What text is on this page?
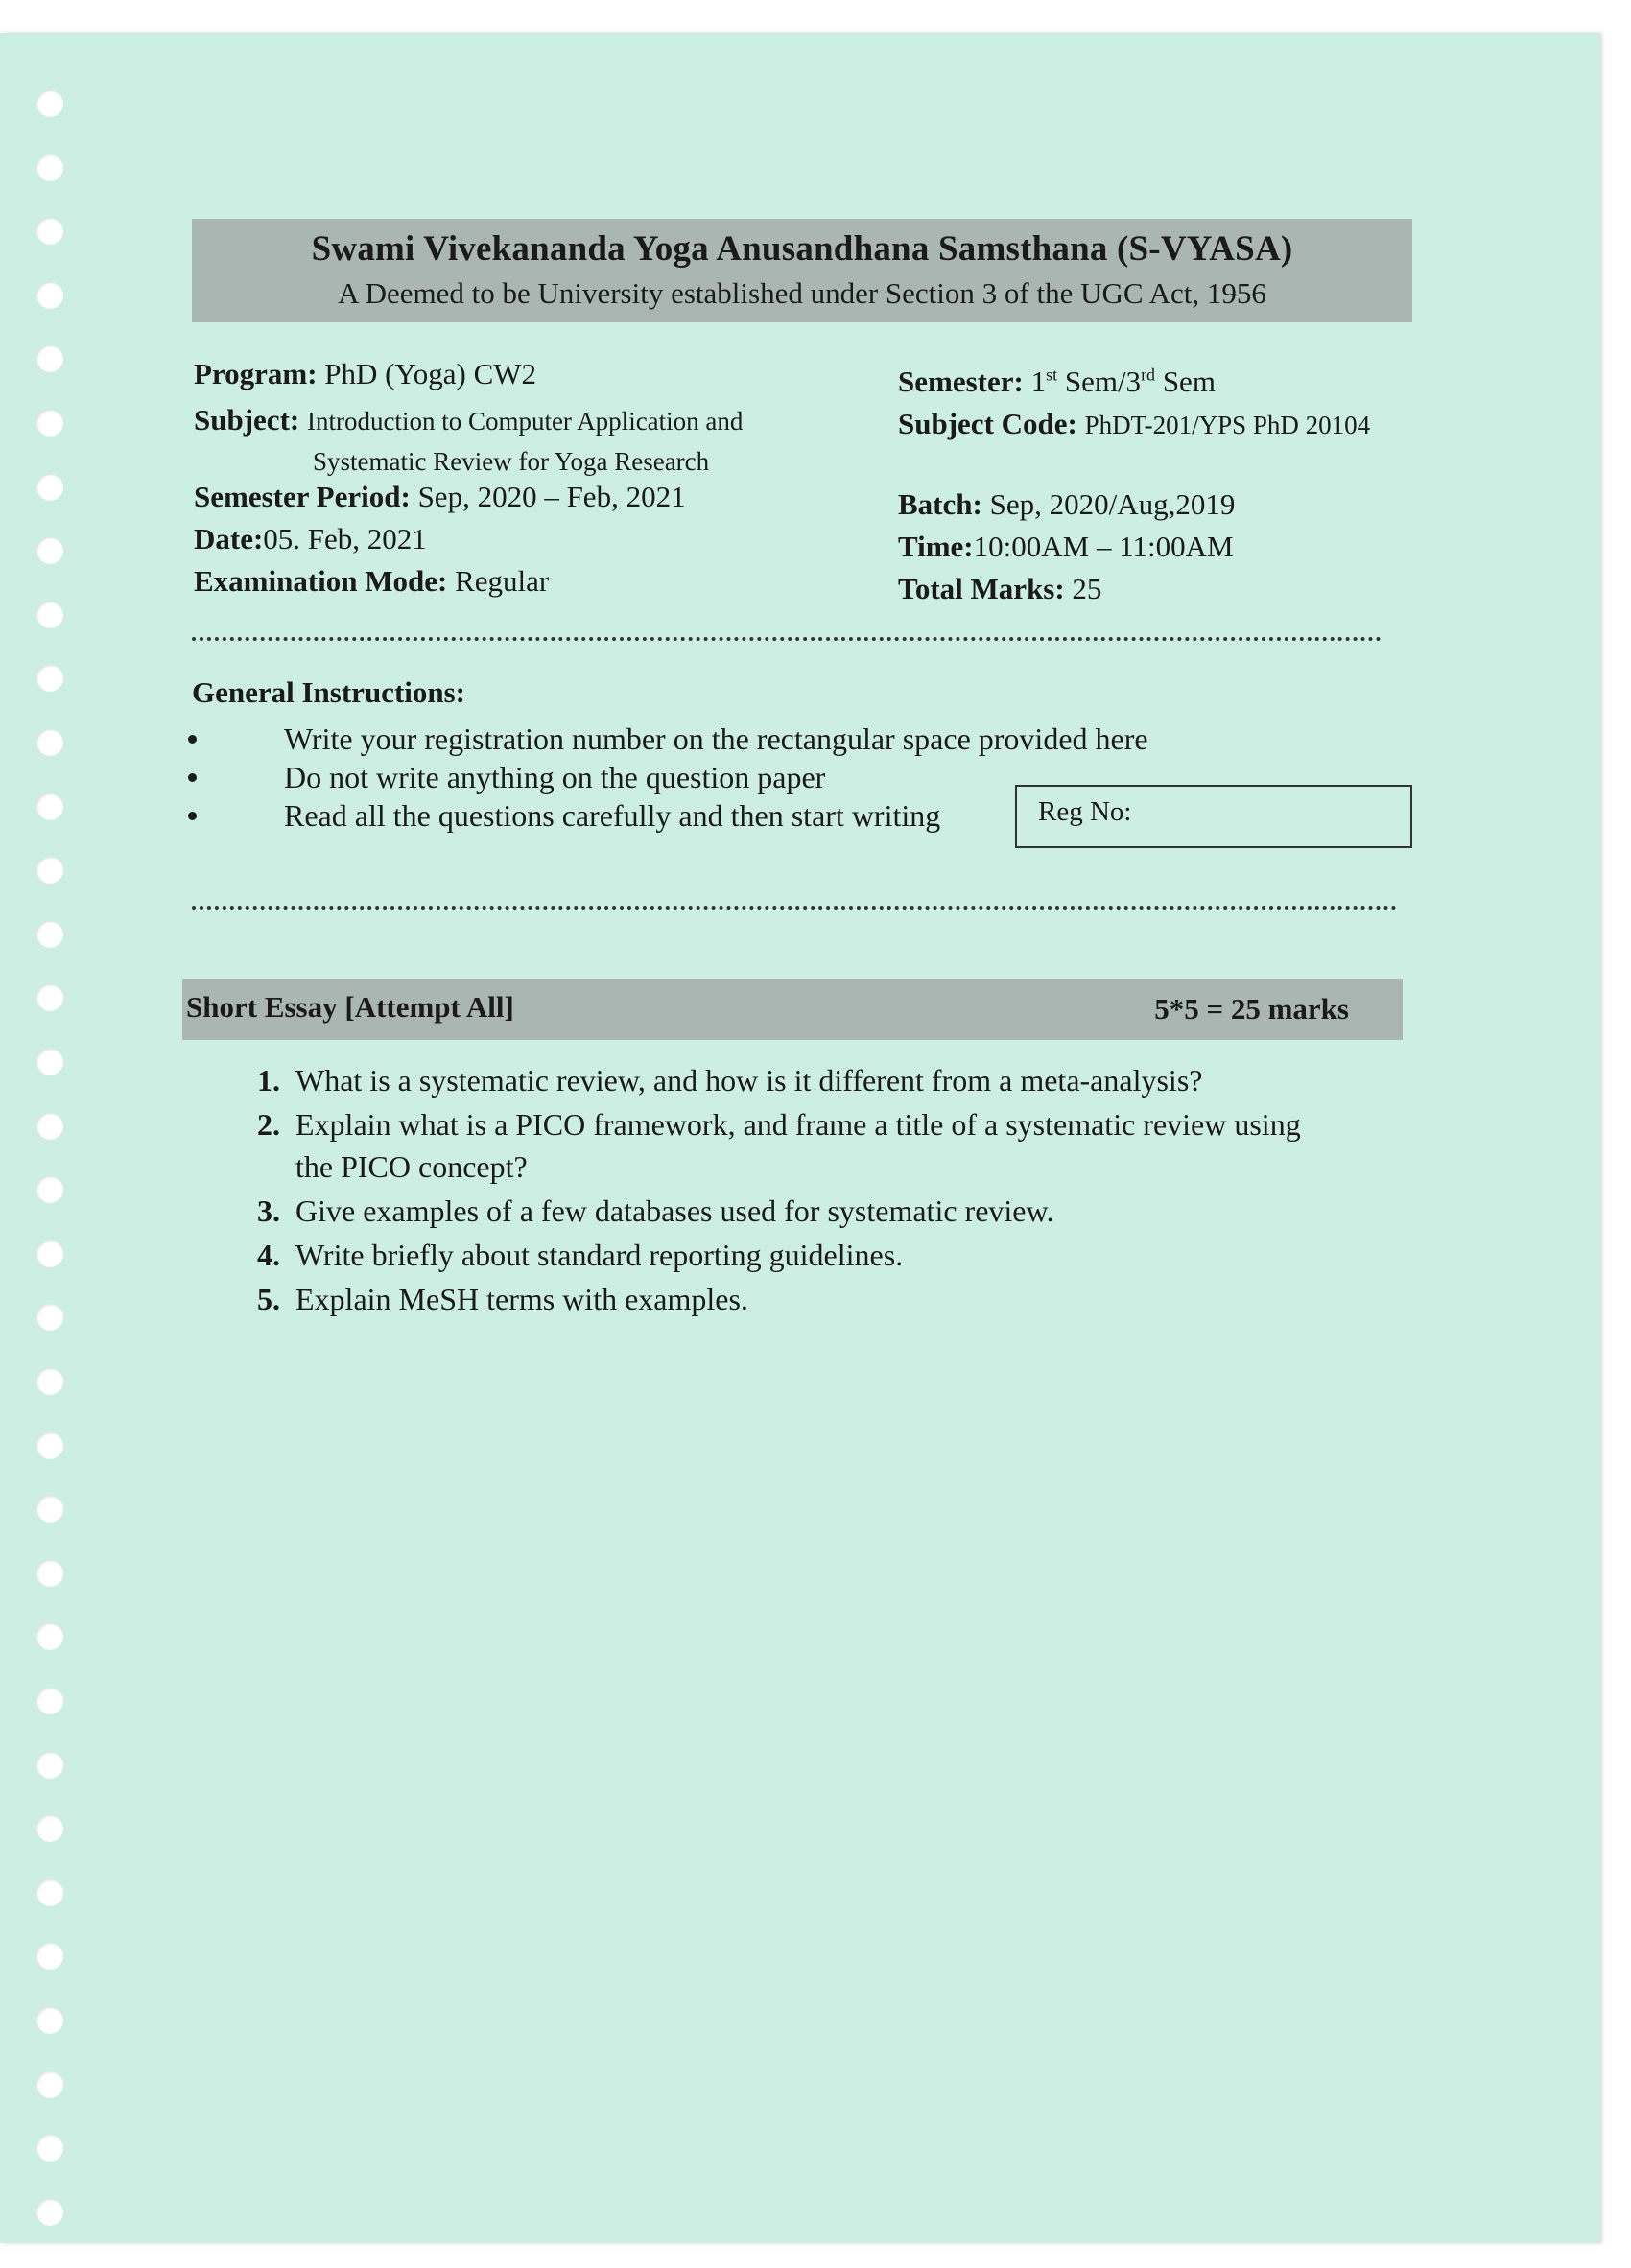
Swami Vivekananda Yoga Anusandhana Samsthana (S-VYASA)
A Deemed to be University established under Section 3 of the UGC Act, 1956
Program: PhD (Yoga) CW2
Subject: Introduction to Computer Application and
Systematic Review for Yoga Research
Semester Period: Sep, 2020 – Feb, 2021
Date:05. Feb, 2021
Examination Mode: Regular
Semester: 1st Sem/3rd Sem
Subject Code: PhDT-201/YPS PhD 20104
Batch: Sep, 2020/Aug,2019
Time:10:00AM – 11:00AM
Total Marks: 25
General Instructions:
Write your registration number on the rectangular space provided here
Do not write anything on the question paper
Read all the questions carefully and then start writing	Reg No:
Short Essay [Attempt All]	5*5 = 25 marks
1. What is a systematic review, and how is it different from a meta-analysis?
2. Explain what is a PICO framework, and frame a title of a systematic review using
the PICO concept?
3. Give examples of a few databases used for systematic review.
4. Write briefly about standard reporting guidelines.
5. Explain MeSH terms with examples.
